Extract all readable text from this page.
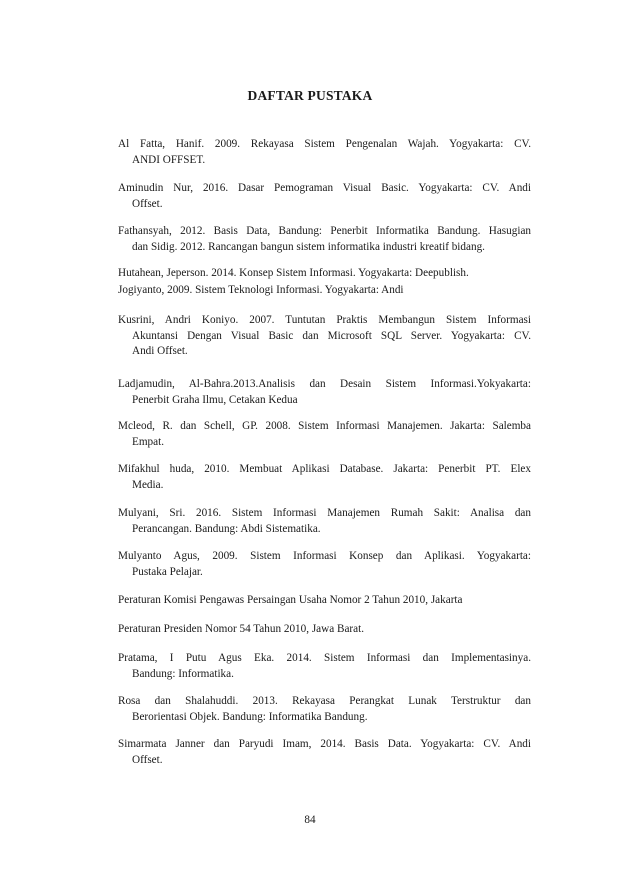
DAFTAR PUSTAKA
Al Fatta, Hanif. 2009. Rekayasa Sistem Pengenalan Wajah. Yogyakarta: CV.
ANDI OFFSET.
Aminudin Nur, 2016. Dasar Pemograman Visual Basic. Yogyakarta: CV. Andi
Offset.
Fathansyah, 2012. Basis Data, Bandung: Penerbit Informatika Bandung. Hasugian
dan Sidig. 2012. Rancangan bangun sistem informatika industri kreatif bidang.
Hutahean, Jeperson. 2014. Konsep Sistem Informasi. Yogyakarta: Deepublish.
Jogiyanto, 2009. Sistem Teknologi Informasi. Yogyakarta: Andi
Kusrini, Andri Koniyo. 2007. Tuntutan Praktis Membangun Sistem Informasi
Akuntansi Dengan Visual Basic dan Microsoft SQL Server. Yogyakarta: CV.
Andi Offset.
Ladjamudin, Al-Bahra.2013.Analisis dan Desain Sistem Informasi.Yokyakarta:
Penerbit Graha Ilmu, Cetakan Kedua
Mcleod, R. dan Schell, GP. 2008. Sistem Informasi Manajemen. Jakarta: Salemba
Empat.
Mifakhul huda, 2010. Membuat Aplikasi Database. Jakarta: Penerbit PT. Elex
Media.
Mulyani, Sri. 2016. Sistem Informasi Manajemen Rumah Sakit: Analisa dan
Perancangan. Bandung: Abdi Sistematika.
Mulyanto Agus, 2009. Sistem Informasi Konsep dan Aplikasi. Yogyakarta:
Pustaka Pelajar.
Peraturan Komisi Pengawas Persaingan Usaha Nomor 2 Tahun 2010, Jakarta
Peraturan Presiden Nomor 54 Tahun 2010, Jawa Barat.
Pratama, I Putu Agus Eka. 2014. Sistem Informasi dan Implementasinya.
Bandung: Informatika.
Rosa dan Shalahuddi. 2013. Rekayasa Perangkat Lunak Terstruktur dan
Berorientasi Objek. Bandung: Informatika Bandung.
Simarmata Janner dan Paryudi Imam, 2014. Basis Data. Yogyakarta: CV. Andi
Offset.
84
